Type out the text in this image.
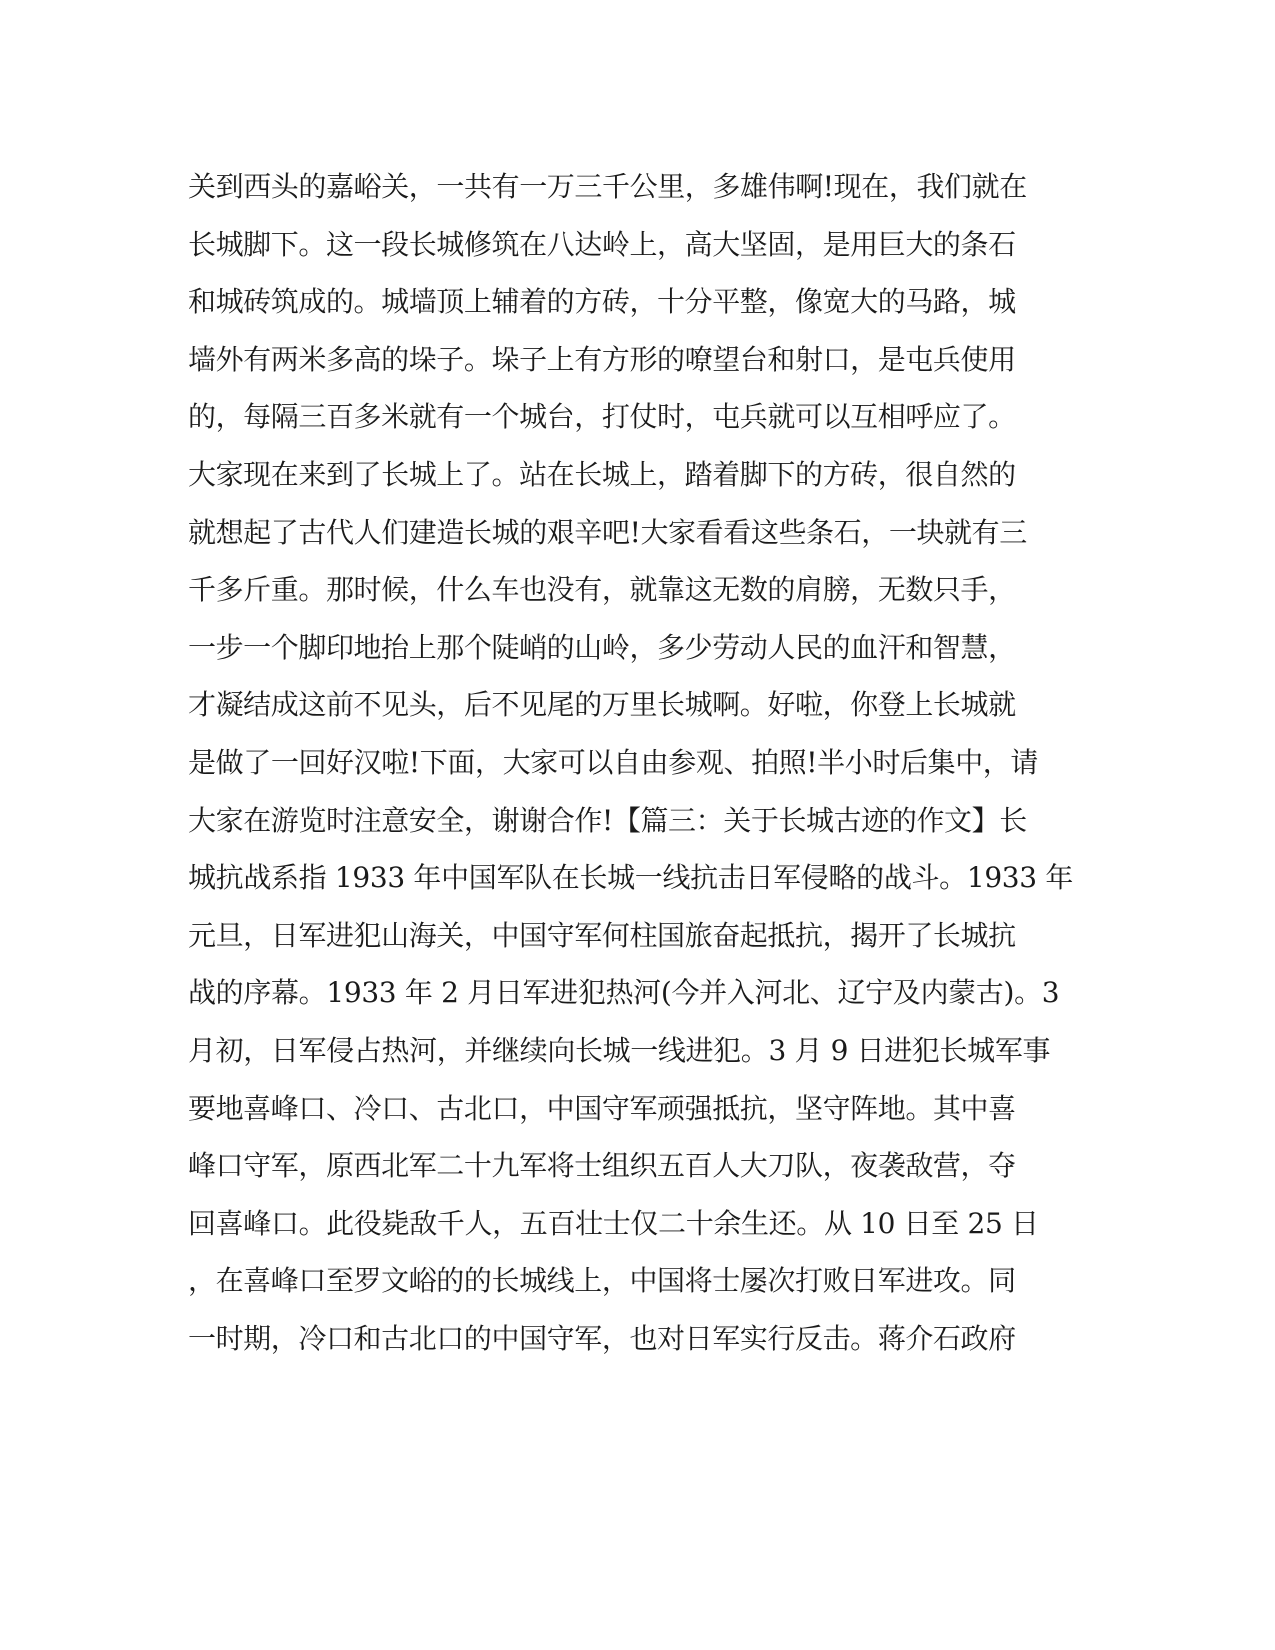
关到西头的嘉峪关，一共有一万三千公里，多雄伟啊!现在，我们就在
长城脚下。这一段长城修筑在八达岭上，高大坚固，是用巨大的条石
和城砖筑成的。城墙顶上辅着的方砖，十分平整，像宽大的马路，城
墙外有两米多高的垛子。垛子上有方形的嘹望台和射口，是屯兵使用
的，每隔三百多米就有一个城台，打仗时，屯兵就可以互相呼应了。
大家现在来到了长城上了。站在长城上，踏着脚下的方砖，很自然的
就想起了古代人们建造长城的艰辛吧!大家看看这些条石，一块就有三
千多斤重。那时候，什么车也没有，就靠这无数的肩膀，无数只手，
一步一个脚印地抬上那个陡峭的山岭，多少劳动人民的血汗和智慧，
才凝结成这前不见头，后不见尾的万里长城啊。好啦，你登上长城就
是做了一回好汉啦!下面，大家可以自由参观、拍照!半小时后集中，请
大家在游览时注意安全，谢谢合作!【篇三：关于长城古迹的作文】长
城抗战系指 1933 年中国军队在长城一线抗击日军侵略的战斗。1933 年
元旦，日军进犯山海关，中国守军何柱国旅奋起抵抗，揭开了长城抗
战的序幕。1933 年 2 月日军进犯热河(今并入河北、辽宁及内蒙古)。3
月初，日军侵占热河，并继续向长城一线进犯。3 月 9 日进犯长城军事
要地喜峰口、冷口、古北口，中国守军顽强抵抗，坚守阵地。其中喜
峰口守军，原西北军二十九军将士组织五百人大刀队，夜袭敌营，夺
回喜峰口。此役毙敌千人，五百壮士仅二十余生还。从 10 日至 25 日
，在喜峰口至罗文峪的的长城线上，中国将士屡次打败日军进攻。同
一时期，冷口和古北口的中国守军，也对日军实行反击。蒋介石政府
